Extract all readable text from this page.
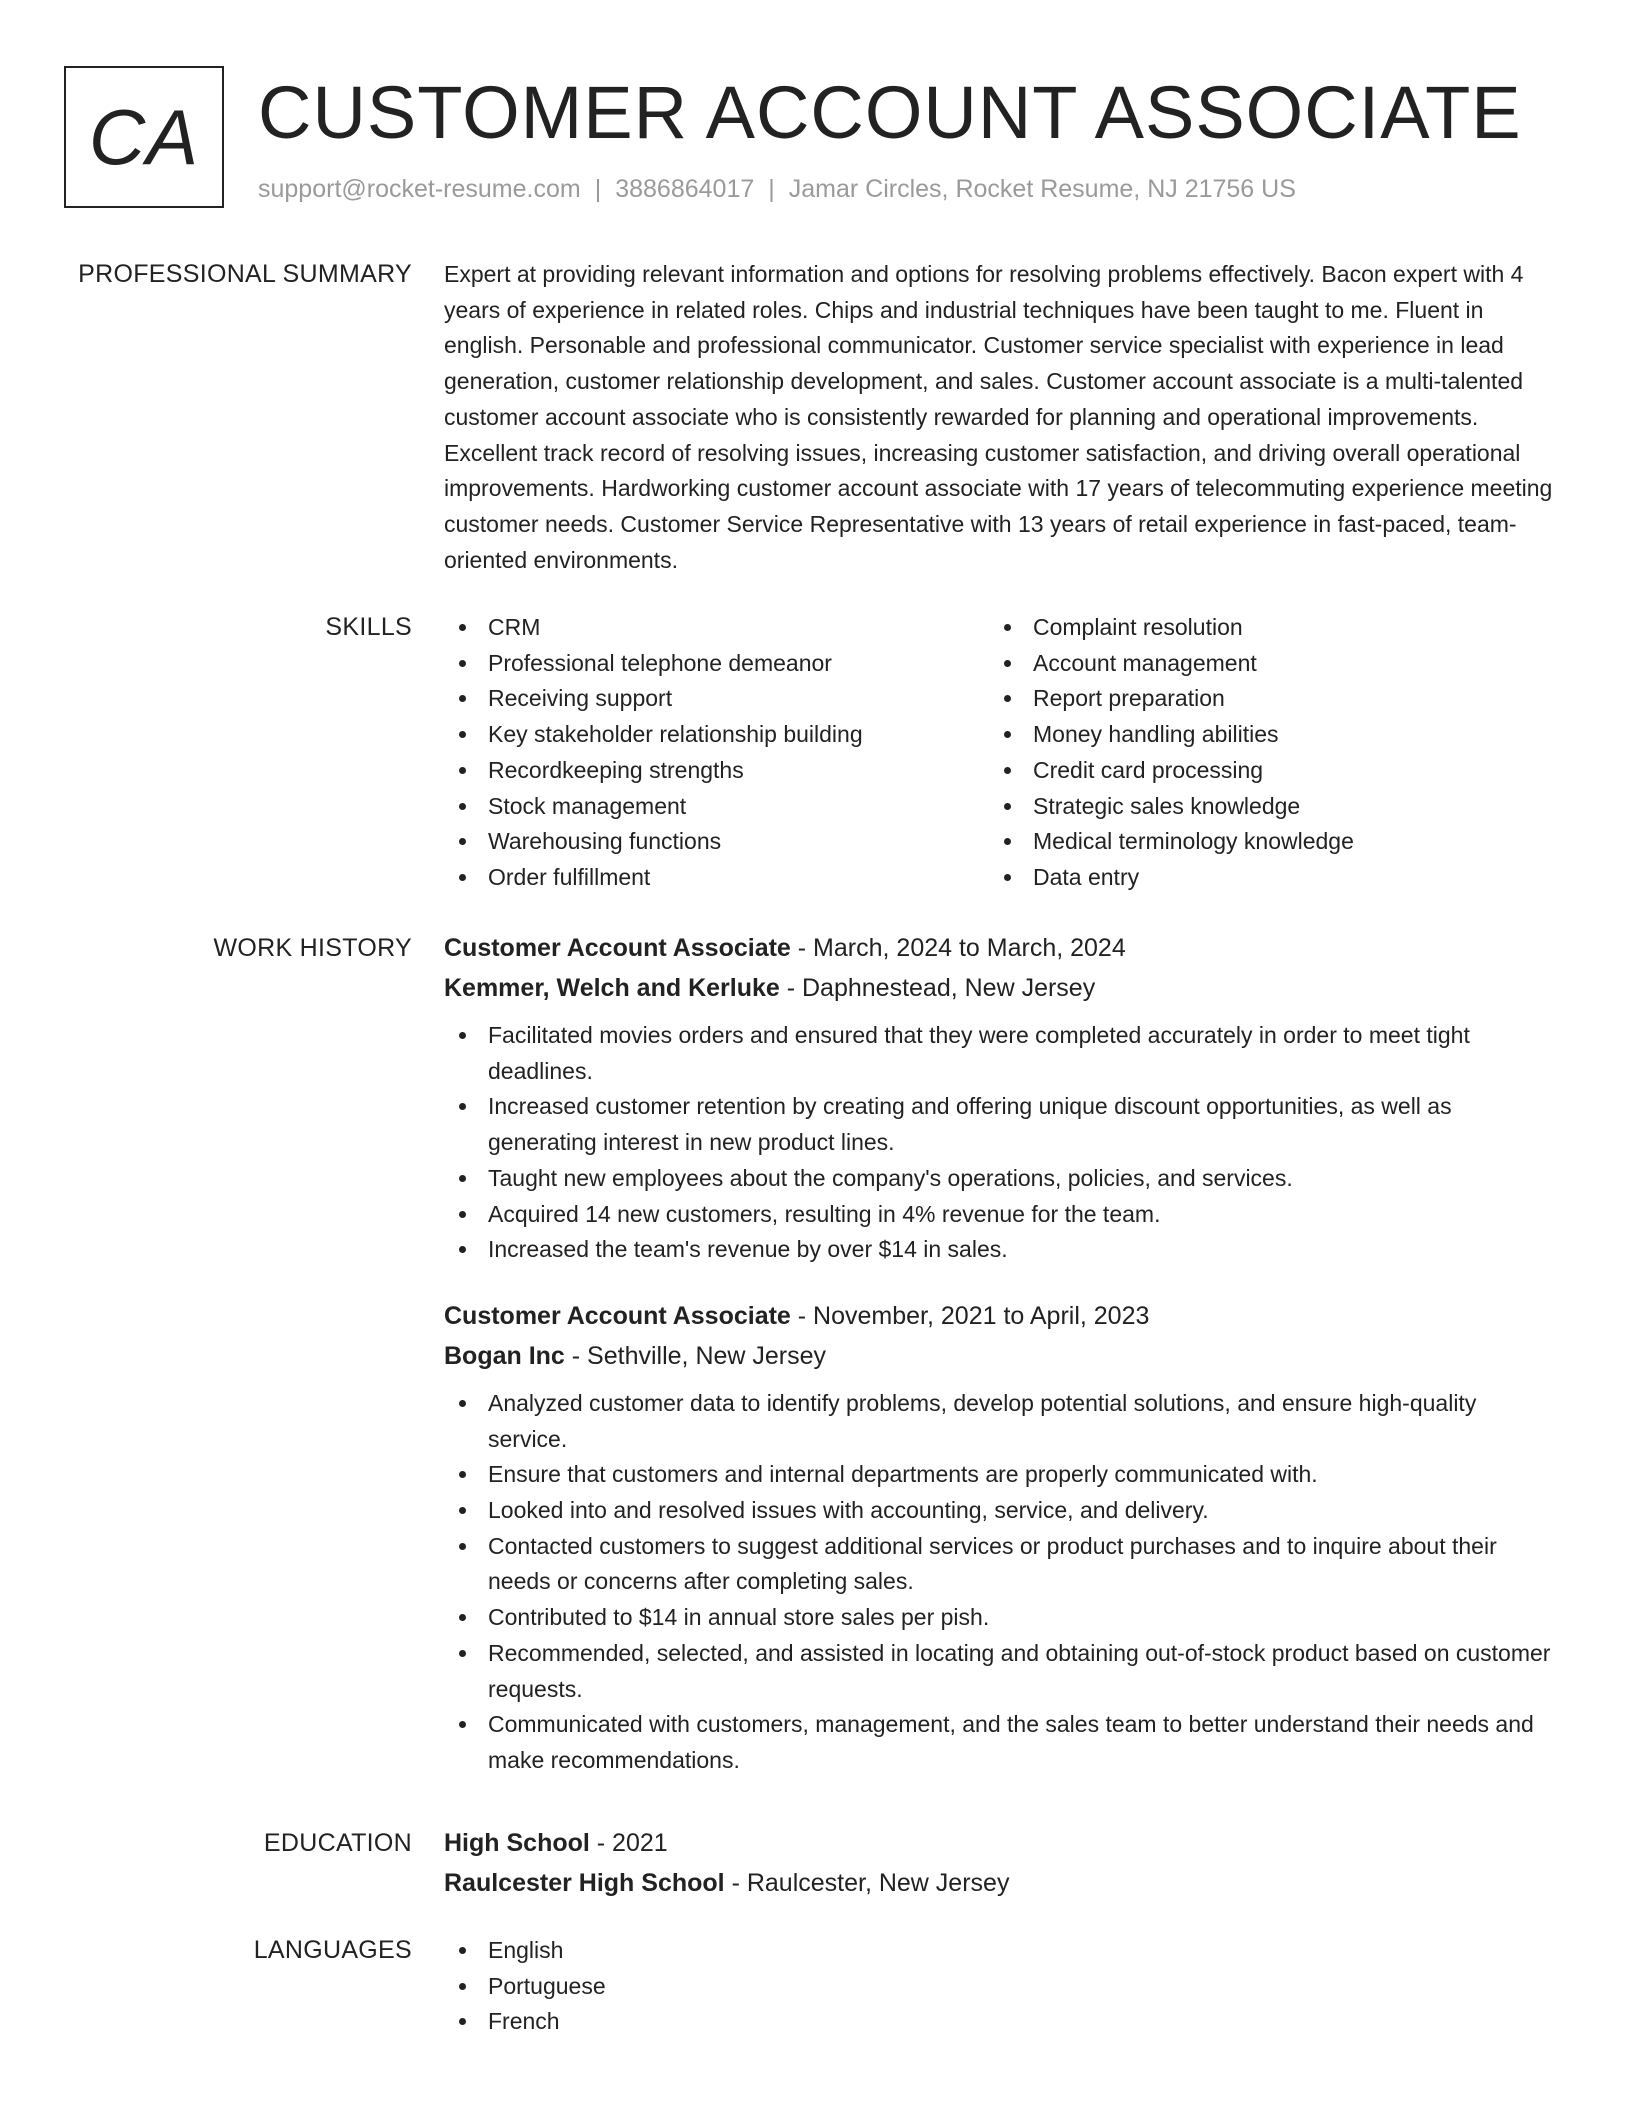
CA CUSTOMER ACCOUNT ASSOCIATE
support@rocket-resume.com | 3886864017 | Jamar Circles, Rocket Resume, NJ 21756 US
PROFESSIONAL SUMMARY Expert at providing relevant information and options for resolving problems effectively. Bacon expert with 4 years of experience in related roles. Chips and industrial techniques have been taught to me. Fluent in english. Personable and professional communicator. Customer service specialist with experience in lead generation, customer relationship development, and sales. Customer account associate is a multi-talented customer account associate who is consistently rewarded for planning and operational improvements. Excellent track record of resolving issues, increasing customer satisfaction, and driving overall operational improvements. Hardworking customer account associate with 17 years of telecommuting experience meeting customer needs. Customer Service Representative with 13 years of retail experience in fast-paced, team-oriented environments.
SKILLS	CRM
Professional telephone demeanor
Receiving support
Key stakeholder relationship building
Recordkeeping strengths
Stock management
Warehousing functions
Order fulfillment
Complaint resolution
Account management
Report preparation
Money handling abilities
Credit card processing
Strategic sales knowledge
Medical terminology knowledge
Data entry
WORK HISTORY Customer Account Associate - March, 2024 to March, 2024
Kemmer, Welch and Kerluke - Daphnestead, New Jersey
Facilitated movies orders and ensured that they were completed accurately in order to meet tight deadlines.
Increased customer retention by creating and offering unique discount opportunities, as well as generating interest in new product lines.
Taught new employees about the company's operations, policies, and services.
Acquired 14 new customers, resulting in 4% revenue for the team.
Increased the team's revenue by over $14 in sales.
Customer Account Associate - November, 2021 to April, 2023
Bogan Inc - Sethville, New Jersey
Analyzed customer data to identify problems, develop potential solutions, and ensure high-quality service.
Ensure that customers and internal departments are properly communicated with.
Looked into and resolved issues with accounting, service, and delivery.
Contacted customers to suggest additional services or product purchases and to inquire about their needs or concerns after completing sales.
Contributed to $14 in annual store sales per pish.
Recommended, selected, and assisted in locating and obtaining out-of-stock product based on customer requests.
Communicated with customers, management, and the sales team to better understand their needs and make recommendations.
EDUCATION High School - 2021
Raulcester High School - Raulcester, New Jersey
LANGUAGES	English
Portuguese
French
